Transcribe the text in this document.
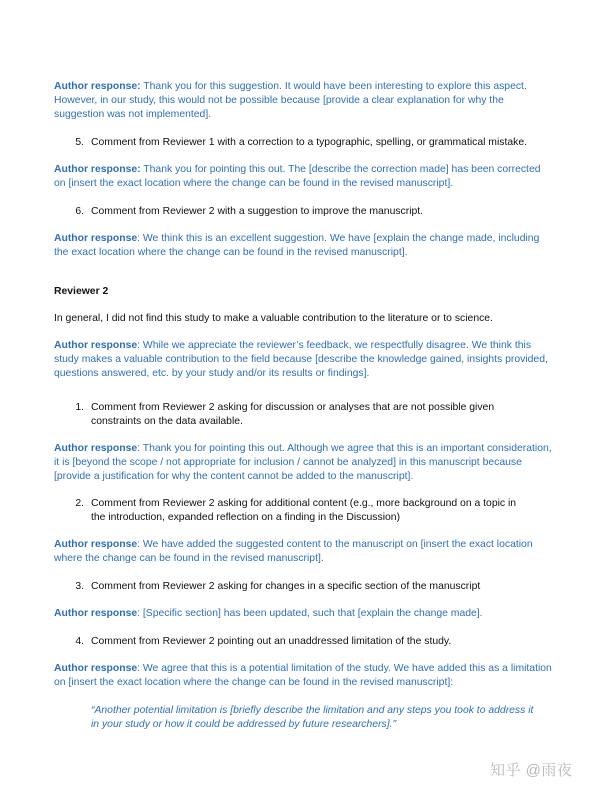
Author response: Thank you for this suggestion. It would have been interesting to explore this aspect. However, in our study, this would not be possible because [provide a clear explanation for why the suggestion was not implemented].
5. Comment from Reviewer 1 with a correction to a typographic, spelling, or grammatical mistake.
Author response: Thank you for pointing this out. The [describe the correction made] has been corrected on [insert the exact location where the change can be found in the revised manuscript].
6. Comment from Reviewer 2 with a suggestion to improve the manuscript.
Author response: We think this is an excellent suggestion. We have [explain the change made, including the exact location where the change can be found in the revised manuscript].
Reviewer 2
In general, I did not find this study to make a valuable contribution to the literature or to science.
Author response: While we appreciate the reviewer’s feedback, we respectfully disagree. We think this study makes a valuable contribution to the field because [describe the knowledge gained, insights provided, questions answered, etc. by your study and/or its results or findings].
1. Comment from Reviewer 2 asking for discussion or analyses that are not possible given constraints on the data available.
Author response: Thank you for pointing this out. Although we agree that this is an important consideration, it is [beyond the scope / not appropriate for inclusion / cannot be analyzed] in this manuscript because [provide a justification for why the content cannot be added to the manuscript].
2. Comment from Reviewer 2 asking for additional content (e.g., more background on a topic in the introduction, expanded reflection on a finding in the Discussion)
Author response: We have added the suggested content to the manuscript on [insert the exact location where the change can be found in the revised manuscript].
3. Comment from Reviewer 2 asking for changes in a specific section of the manuscript
Author response: [Specific section] has been updated, such that [explain the change made].
4. Comment from Reviewer 2 pointing out an unaddressed limitation of the study.
Author response: We agree that this is a potential limitation of the study. We have added this as a limitation on [insert the exact location where the change can be found in the revised manuscript]:
“Another potential limitation is [briefly describe the limitation and any steps you took to address it in your study or how it could be addressed by future researchers]."
知乎 @雨夜
